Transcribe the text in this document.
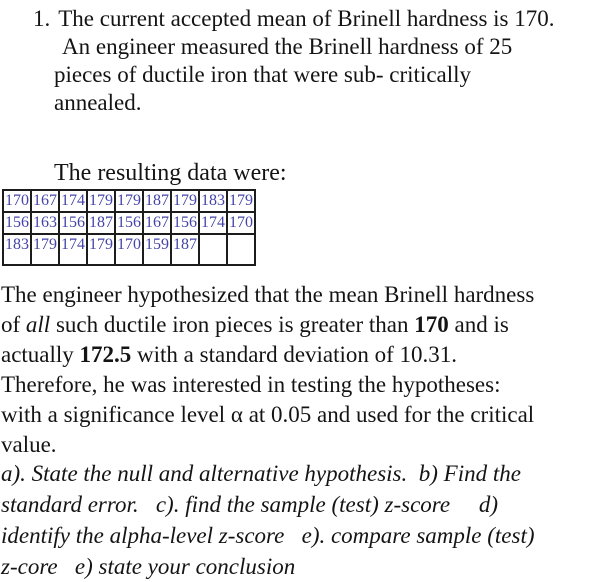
1. The current accepted mean of Brinell hardness is 170.
An engineer measured the Brinell hardness of 25
pieces of ductile iron that were sub- critically
annealed.
The resulting data were:
170	167	174	179	179	187	179	183	179
156	163	156	187	156	167	156	174	170
183	179	174	179	170	159	187		
The engineer hypothesized that the mean Brinell hardness
of all such ductile iron pieces is greater than 170 and is
actually 172.5 with a standard deviation of 10.31.
Therefore, he was interested in testing the hypotheses:
with a significance level α at 0.05 and used for the critical
value.
a). State the null and alternative hypothesis.  b) Find the
standard error.   c). find the sample (test) z-score     d)
identify the alpha-level z-score   e). compare sample (test)
z-core   e) state your conclusion
